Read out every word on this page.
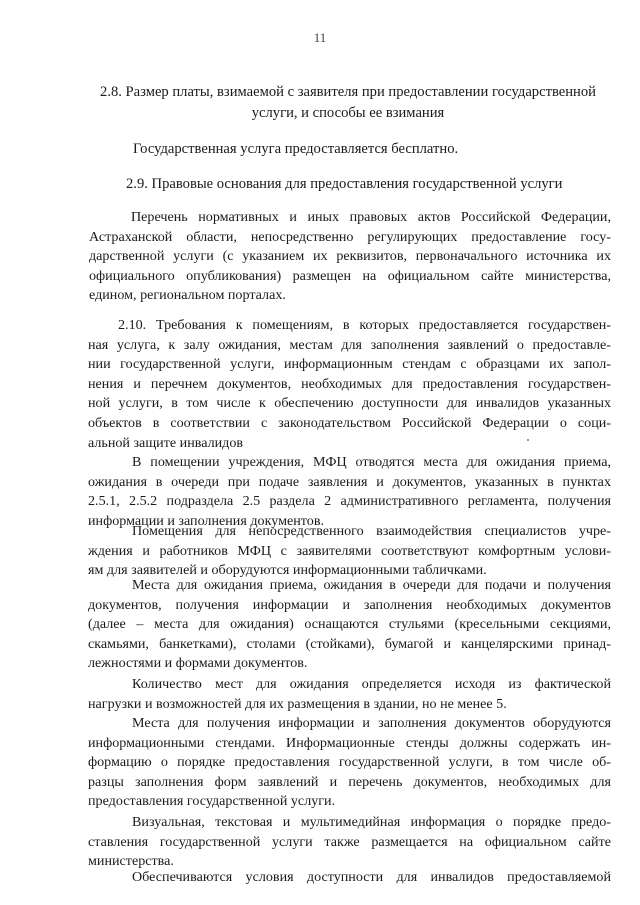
11
2.8. Размер платы, взимаемой с заявителя при предоставлении государственной
услуги, и способы ее взимания
Государственная услуга предоставляется бесплатно.
2.9. Правовые основания для предоставления государственной услуги
Перечень нормативных и иных правовых актов Российской Федерации,
Астраханской области, непосредственно регулирующих предоставление госу-
дарственной услуги (с указанием их реквизитов, первоначального источника их
официального опубликования) размещен на официальном сайте министерства,
едином, региональном порталах.
2.10. Требования к помещениям, в которых предоставляется государствен-
ная услуга, к залу ожидания, местам для заполнения заявлений о предоставле-
нии государственной услуги, информационным стендам с образцами их запол-
нения и перечнем документов, необходимых для предоставления государствен-
ной услуги, в том числе к обеспечению доступности для инвалидов указанных
объектов в соответствии с законодательством Российской Федерации о соци-
альной защите инвалидов
В помещении учреждения, МФЦ отводятся места для ожидания приема,
ожидания в очереди при подаче заявления и документов, указанных в пунктах
2.5.1, 2.5.2 подраздела 2.5 раздела 2 административного регламента, получения
информации и заполнения документов.
Помещения для непосредственного взаимодействия специалистов учре-
ждения и работников МФЦ с заявителями соответствуют комфортным услови-
ям для заявителей и оборудуются информационными табличками.
Места для ожидания приема, ожидания в очереди для подачи и получения
документов, получения информации и заполнения необходимых документов
(далее – места для ожидания) оснащаются стульями (кресельными секциями,
скамьями, банкетками), столами (стойками), бумагой и канцелярскими принад-
лежностями и формами документов.
Количество мест для ожидания определяется исходя из фактической
нагрузки и возможностей для их размещения в здании, но не менее 5.
Места для получения информации и заполнения документов оборудуются
информационными стендами. Информационные стенды должны содержать ин-
формацию о порядке предоставления государственной услуги, в том числе об-
разцы заполнения форм заявлений и перечень документов, необходимых для
предоставления государственной услуги.
Визуальная, текстовая и мультимедийная информация о порядке предо-
ставления государственной услуги также размещается на официальном сайте
министерства.
Обеспечиваются условия доступности для инвалидов предоставляемой
